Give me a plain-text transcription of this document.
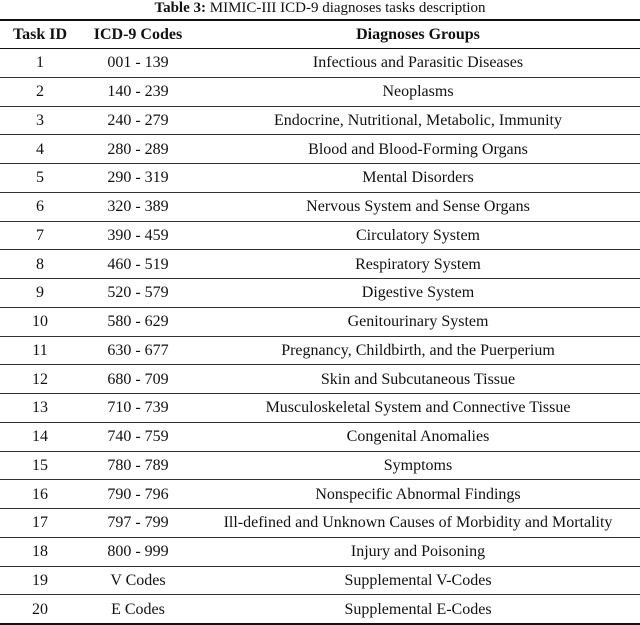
Table 3: MIMIC-III ICD-9 diagnoses tasks description
Task ID	ICD-9 Codes	Diagnoses Groups
1	001 - 139	Infectious and Parasitic Diseases
2	140 - 239	Neoplasms
3	240 - 279	Endocrine, Nutritional, Metabolic, Immunity
4	280 - 289	Blood and Blood-Forming Organs
5	290 - 319	Mental Disorders
6	320 - 389	Nervous System and Sense Organs
7	390 - 459	Circulatory System
8	460 - 519	Respiratory System
9	520 - 579	Digestive System
10	580 - 629	Genitourinary System
11	630 - 677	Pregnancy, Childbirth, and the Puerperium
12	680 - 709	Skin and Subcutaneous Tissue
13	710 - 739	Musculoskeletal System and Connective Tissue
14	740 - 759	Congenital Anomalies
15	780 - 789	Symptoms
16	790 - 796	Nonspecific Abnormal Findings
17	797 - 799	Ill-defined and Unknown Causes of Morbidity and Mortality
18	800 - 999	Injury and Poisoning
19	V Codes	Supplemental V-Codes
20	E Codes	Supplemental E-Codes
